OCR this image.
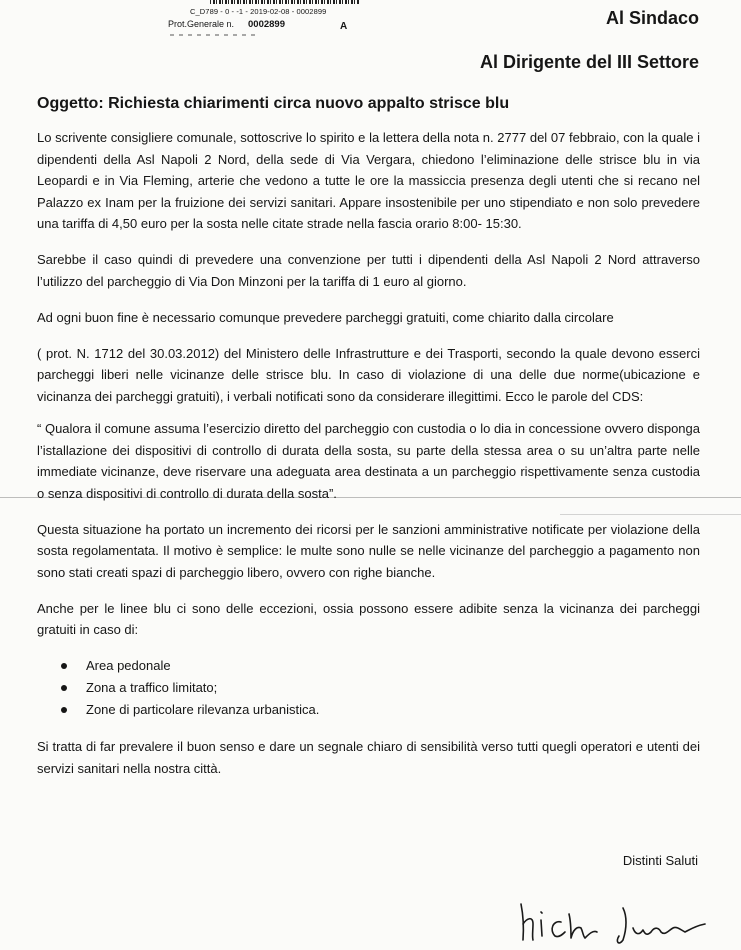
C_D789 - 0 - -1 - 2019-02-08 - 0002899
Prot.Generale n. 0002899	A	Al Sindaco
Al Dirigente del III Settore
Oggetto: Richiesta chiarimenti circa nuovo appalto strisce blu

Lo scrivente consigliere comunale, sottoscrive lo spirito e la lettera della nota n. 2777 del 07 febbraio, con la quale i dipendenti della Asl Napoli 2 Nord, della sede di Via Vergara, chiedono l’eliminazione delle strisce blu in via Leopardi e in Via Fleming, arterie che vedono a tutte le ore la massiccia presenza degli utenti che si recano nel Palazzo ex Inam per la fruizione dei servizi sanitari. Appare insostenibile per uno stipendiato e non solo prevedere una tariffa di 4,50 euro per la sosta nelle citate strade nella fascia orario 8:00- 15:30.

Sarebbe il caso quindi di prevedere una convenzione per tutti i dipendenti della Asl Napoli 2 Nord attraverso l’utilizzo del parcheggio di Via Don Minzoni per la tariffa di 1 euro al giorno.

Ad ogni buon fine è necessario comunque prevedere parcheggi gratuiti, come chiarito dalla circolare

( prot. N. 1712 del 30.03.2012) del Ministero delle Infrastrutture e dei Trasporti, secondo la quale devono esserci parcheggi liberi nelle vicinanze delle strisce blu. In caso di violazione di una delle due norme(ubicazione e vicinanza dei parcheggi gratuiti), i verbali notificati sono da considerare illegittimi. Ecco le parole del CDS:

“ Qualora il comune assuma l’esercizio diretto del parcheggio con custodia o lo dia in concessione ovvero disponga l’istallazione dei dispositivi di controllo di durata della sosta, su parte della stessa area o su un’altra parte nelle immediate vicinanze, deve riservare una adeguata area destinata a un parcheggio rispettivamente senza custodia o senza dispositivi di controllo di durata della sosta”.

Questa situazione ha portato un incremento dei ricorsi per le sanzioni amministrative notificate per violazione della sosta regolamentata. Il motivo è semplice: le multe sono nulle se nelle vicinanze del parcheggio a pagamento non sono stati creati spazi di parcheggio libero, ovvero con righe bianche.

Anche per le linee blu ci sono delle eccezioni, ossia possono essere adibite senza la vicinanza dei parcheggi gratuiti in caso di:

Area pedonale
Zona a traffico limitato;
Zone di particolare rilevanza urbanistica.

Si tratta di far prevalere il buon senso e dare un segnale chiaro di sensibilità verso tutti quegli operatori e utenti dei servizi sanitari nella nostra città.

Distinti Saluti
